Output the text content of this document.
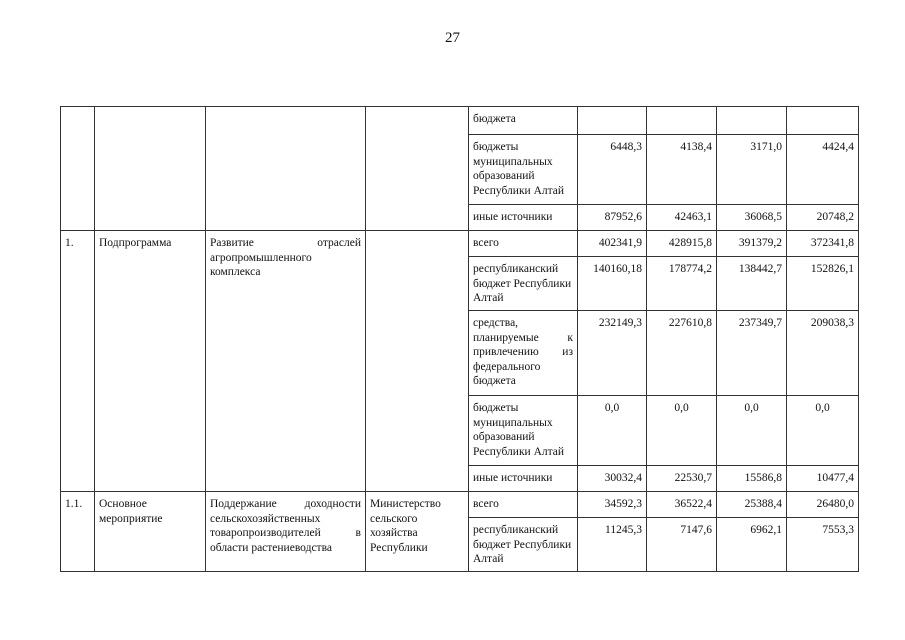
27
				бюджета				
				бюджеты муниципальных образований Республики Алтай	6448,3	4138,4	3171,0	4424,4
				иные источники	87952,6	42463,1	36068,5	20748,2
1.	Подпрограмма	Развитие отраслей агропромышленного комплекса		всего	402341,9	428915,8	391379,2	372341,8
				республиканский бюджет Республики Алтай	140160,18	178774,2	138442,7	152826,1
				средства, планируемые к привлечению из федерального бюджета	232149,3	227610,8	237349,7	209038,3
				бюджеты муниципальных образований Республики Алтай	0,0	0,0	0,0	0,0
				иные источники	30032,4	22530,7	15586,8	10477,4
1.1.	Основное мероприятие	Поддержание доходности сельскохозяйственных товаропроизводителей в области растениеводства	Министерство сельского хозяйства Республики	всего	34592,3	36522,4	25388,4	26480,0
				республиканский бюджет Республики Алтай	11245,3	7147,6	6962,1	7553,3
